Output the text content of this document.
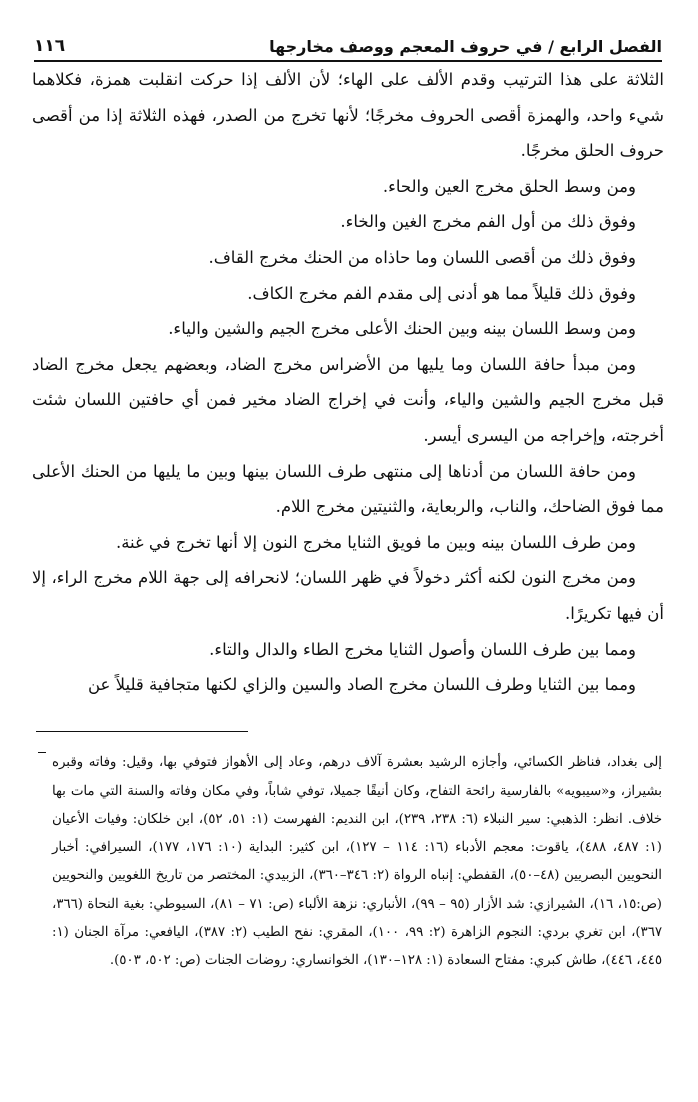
الفصل الرابع / في حروف المعجم ووصف مخارجها
١١٦

الثلاثة على هذا الترتيب وقدم الألف على الهاء؛ لأن الألف إذا حركت انقلبت همزة، فكلاهما شيء واحد، والهمزة أقصى الحروف مخرجًا؛ لأنها تخرج من الصدر، فهذه الثلاثة إذا من أقصى حروف الحلق مخرجًا.

ومن وسط الحلق مخرج العين والحاء.

وفوق ذلك من أول الفم مخرج الغين والخاء.

وفوق ذلك من أقصى اللسان وما حاذاه من الحنك مخرج القاف.

وفوق ذلك قليلاً مما هو أدنى إلى مقدم الفم مخرج الكاف.

ومن وسط اللسان بينه وبين الحنك الأعلى مخرج الجيم والشين والياء.

ومن مبدأ حافة اللسان وما يليها من الأضراس مخرج الضاد، وبعضهم يجعل مخرج الضاد قبل مخرج الجيم والشين والياء، وأنت في إخراج الضاد مخير فمن أي حافتين اللسان شئت أخرجته، وإخراجه من اليسرى أيسر.

ومن حافة اللسان من أدناها إلى منتهى طرف اللسان بينها وبين ما يليها من الحنك الأعلى مما فوق الضاحك، والناب، والربعاية، والثنيتين مخرج اللام.

ومن طرف اللسان بينه وبين ما فويق الثنايا مخرج النون إلا أنها تخرج في غنة.

ومن مخرج النون لكنه أكثر دخولاً في ظهر اللسان؛ لانحرافه إلى جهة اللام مخرج الراء، إلا أن فيها تكريرًا.

ومما بين طرف اللسان وأصول الثنايا مخرج الطاء والدال والتاء.

ومما بين الثنايا وطرف اللسان مخرج الصاد والسين والزاي لكنها متجافية قليلاً عن

إلى بغداد، فناظر الكسائي، وأجازه الرشيد بعشرة آلاف درهم، وعاد إلى الأهواز فتوفي بها، وقيل: وفاته وقبره بشيراز، و«سيبويه» بالفارسية رائحة التفاح، وكان أنيقًا جميلا، توفي شاباً، وفي مكان وفاته والسنة التي مات بها خلاف. انظر: الذهبي: سير النبلاء (٦: ٢٣٨، ٢٣٩)، ابن النديم: الفهرست (١: ٥١، ٥٢)، ابن خلكان: وفيات الأعيان (١: ٤٨٧، ٤٨٨)، ياقوت: معجم الأدباء (١٦: ١١٤ – ١٢٧)، ابن كثير: البداية (١٠: ١٧٦، ١٧٧)، السيرافي: أخبار النحويين البصريين (٤٨–٥٠)، القفطي: إنباه الرواة (٢: ٣٤٦–٣٦٠)، الزبيدي: المختصر من تاريخ اللغويين والنحويين (ص:١٥، ١٦)، الشيرازي: شد الأزار (٩٥ – ٩٩)، الأنباري: نزهة الألباء (ص: ٧١ – ٨١)، السيوطي: بغية النحاة (٣٦٦، ٣٦٧)، ابن تغري بردي: النجوم الزاهرة (٢: ٩٩، ١٠٠)، المقري: نفح الطيب (٢: ٣٨٧)، اليافعي: مرآة الجنان (١: ٤٤٥، ٤٤٦)، طاش كبري: مفتاح السعادة (١: ١٢٨–١٣٠)، الخوانساري: روضات الجنات (ص: ٥٠٢، ٥٠٣).
